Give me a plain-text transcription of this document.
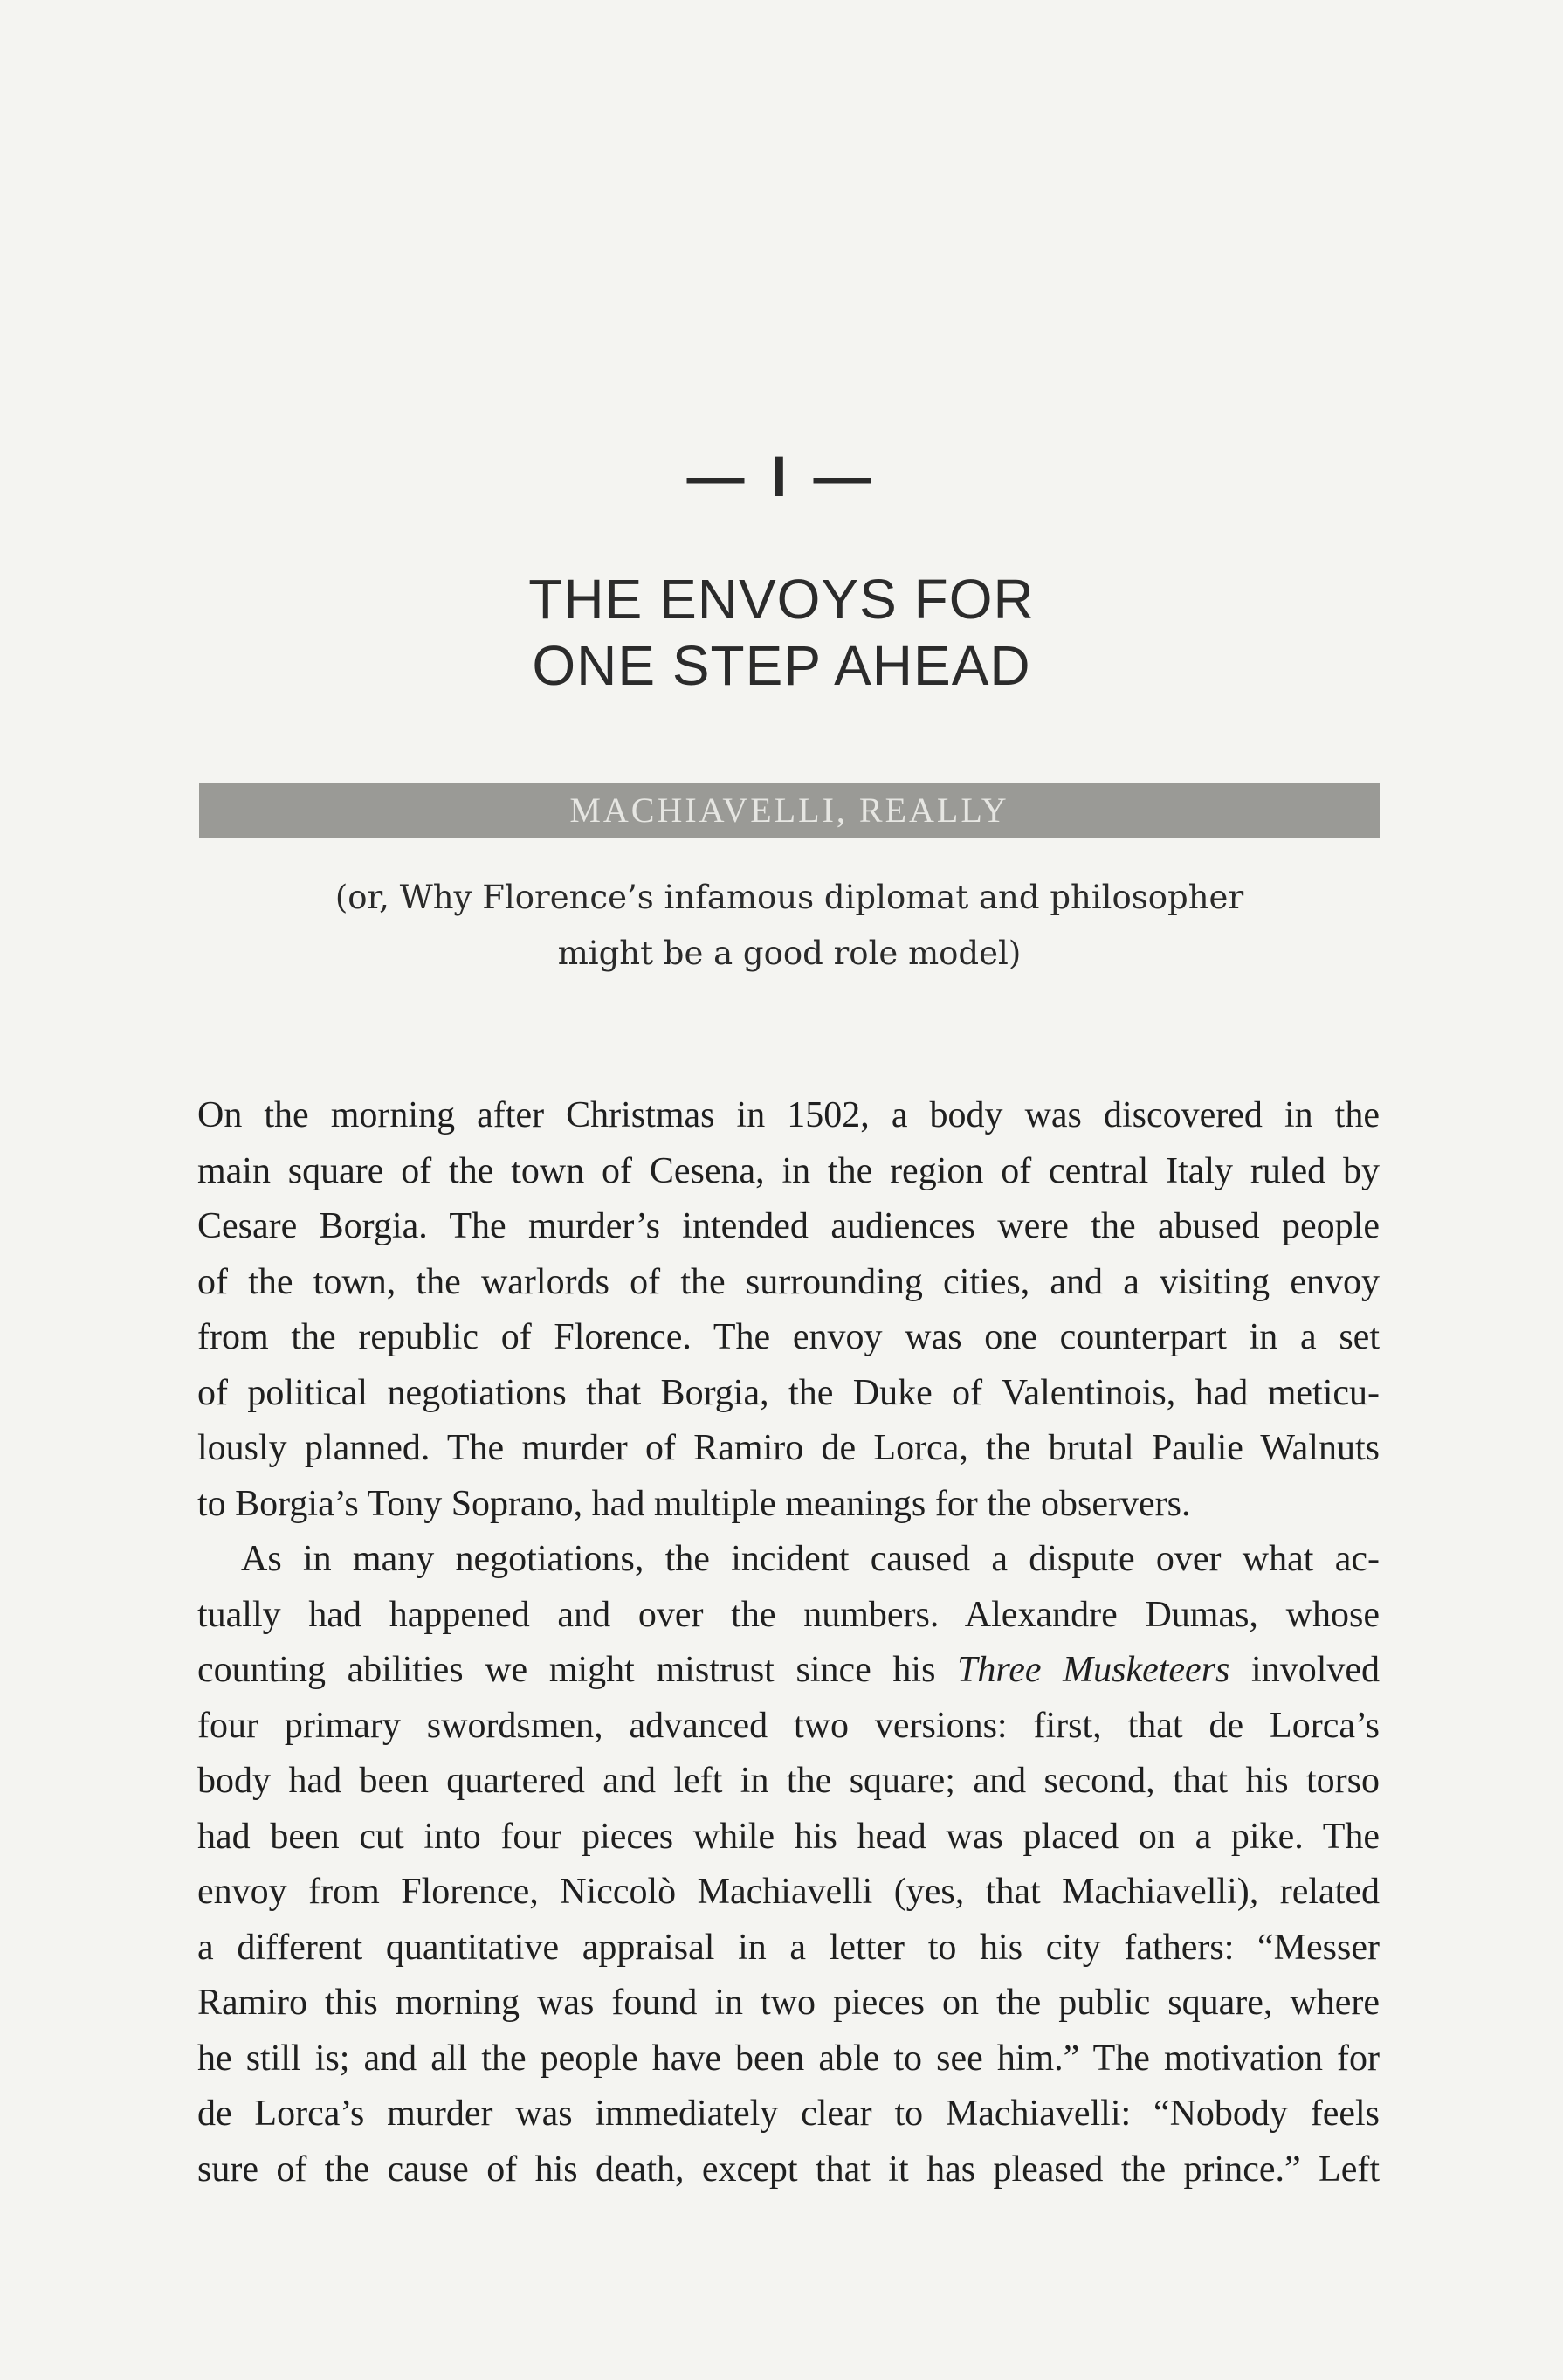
— I —
THE ENVOYS FOR
ONE STEP AHEAD
MACHIAVELLI, REALLY
(or, Why Florence’s infamous diplomat and philosopher
might be a good role model)
On the morning after Christmas in 1502, a body was discovered in the
main square of the town of Cesena, in the region of central Italy ruled by
Cesare Borgia. The murder’s intended audiences were the abused people
of the town, the warlords of the surrounding cities, and a visiting envoy
from the republic of Florence. The envoy was one counterpart in a set
of political negotiations that Borgia, the Duke of Valentinois, had meticu-
lously planned. The murder of Ramiro de Lorca, the brutal Paulie Walnuts
to Borgia’s Tony Soprano, had multiple meanings for the observers.
As in many negotiations, the incident caused a dispute over what ac-
tually had happened and over the numbers. Alexandre Dumas, whose
counting abilities we might mistrust since his Three Musketeers involved
four primary swordsmen, advanced two versions: first, that de Lorca’s
body had been quartered and left in the square; and second, that his torso
had been cut into four pieces while his head was placed on a pike. The
envoy from Florence, Niccolò Machiavelli (yes, that Machiavelli), related
a different quantitative appraisal in a letter to his city fathers: “Messer
Ramiro this morning was found in two pieces on the public square, where
he still is; and all the people have been able to see him.” The motivation for
de Lorca’s murder was immediately clear to Machiavelli: “Nobody feels
sure of the cause of his death, except that it has pleased the prince.” Left
